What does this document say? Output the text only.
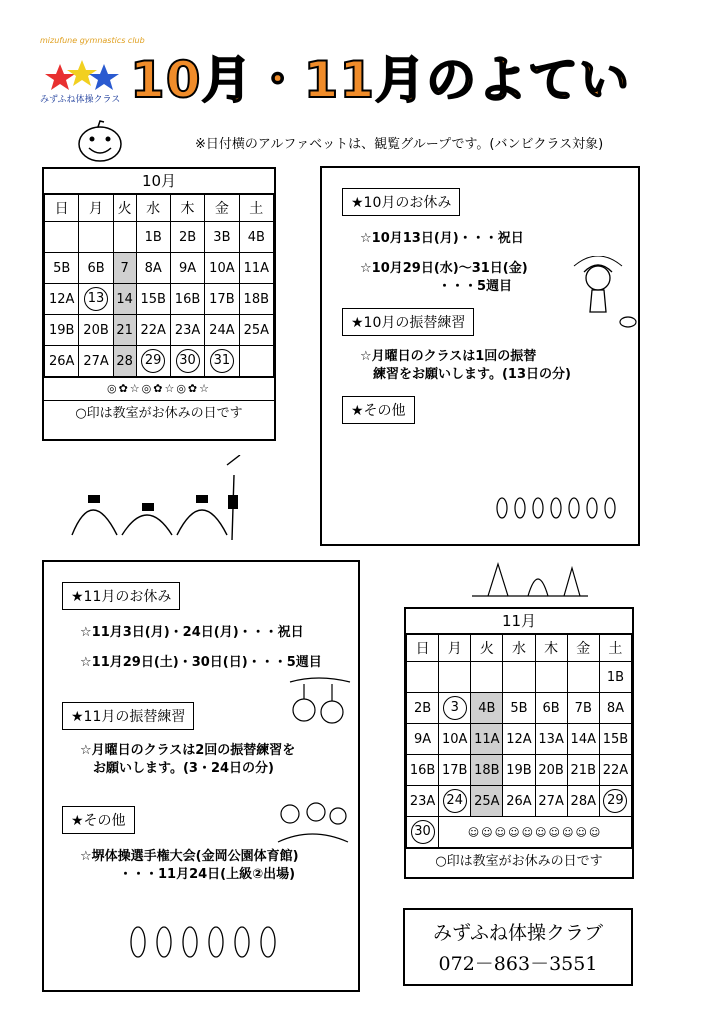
mizufune gymnastics club
みずふね体操クラス 10月・11月のよてい
※日付横のアルファベットは、観覧グループです。(バンビクラス対象)
10月
日	月	火	水	木	金	土
			1B	2B	3B	4B
5B	6B	7	8A	9A	10A	11A
12A	13	14	15B	16B	17B	18B
19B	20B	21	22A	23A	24A	25A
26A	27A	28	29	30	31	
◎✿☆◎✿☆◎✿☆
○印は教室がお休みの日です
★10月のお休み
☆10月13日(月)・・・祝日
☆10月29日(水)～31日(金)
　　　　　　・・・5週目
★10月の振替練習
☆月曜日のクラスは1回の振替
　練習をお願いします。(13日の分)
★その他
★11月のお休み
☆11月3日(月)・24日(月)・・・祝日
☆11月29日(土)・30日(日)・・・5週目
★11月の振替練習
☆月曜日のクラスは2回の振替練習を
　お願いします。(3・24日の分)
★その他
☆堺体操選手権大会(金岡公園体育館)
　　　・・・11月24日(上級②出場)
11月
日	月	火	水	木	金	土
						1B
2B	3	4B	5B	6B	7B	8A
9A	10A	11A	12A	13A	14A	15B
16B	17B	18B	19B	20B	21B	22A
23A	24	25A	26A	27A	28A	29
30	☺☺☺☺☺☺☺☺☺☺					
○印は教室がお休みの日です
みずふね体操クラブ
072－863－3551
